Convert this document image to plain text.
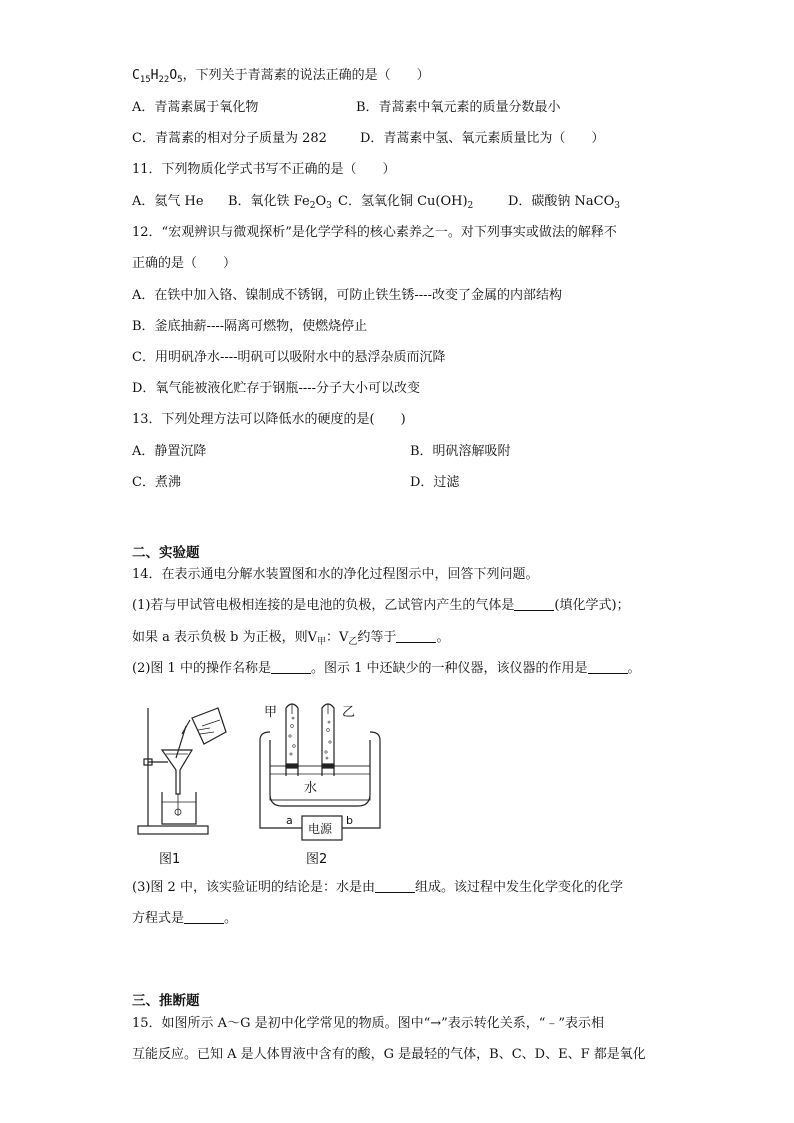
$C_{15}H_{22}O_5$，下列关于青蒿素的说法正确的是（　　）
A．青蒿素属于氧化物	B．青蒿素中氧元素的质量分数最小
C．青蒿素的相对分子质量为 282	D．青蒿素中氢、氧元素质量比为（　　）
11．下列物质化学式书写不正确的是（　　）
A．氦气 He B．氧化铁 $Fe_2O_3$ C．氢氧化铜 $Cu(OH)_2$	D．碳酸钠 NaCO$_3$
12．“宏观辨识与微观探析”是化学学科的核心素养之一。对下列事实或做法的解释不
正确的是（　　）
A．在铁中加入铬、镍制成不锈钢，可防止铁生锈----改变了金属的内部结构
B．釜底抽薪----隔离可燃物，使燃烧停止
C．用明矾净水----明矾可以吸附水中的悬浮杂质而沉降
D．氧气能被液化贮存于钢瓶----分子大小可以改变
13．下列处理方法可以降低水的硬度的是(　　)
A．静置沉降	B．明矾溶解吸附
C．煮沸	D．过滤
二、实验题
14．在表示通电分解水装置图和水的净化过程图示中，回答下列问题。
(1)若与甲试管电极相连接的是电池的负极，乙试管内产生的气体是	(填化学式)；
如果 a 表示负极 b 为正极，则$V_甲$：$V_乙$约等于	。
(2)图 1 中的操作名称是	。图示 1 中还缺少的一种仪器，该仪器的作用是	。
图1
甲	乙
水
a	b
电源
图2
(3)图 2 中，该实验证明的结论是：水是由	组成。该过程中发生化学变化的化学
方程式是	。
三、推断题
15．如图所示 A～G 是初中化学常见的物质。图中“→”表示转化关系，“﹣”表示相
互能反应。已知 A 是人体胃液中含有的酸，G 是最轻的气体，B、C、D、E、F 都是氧化
